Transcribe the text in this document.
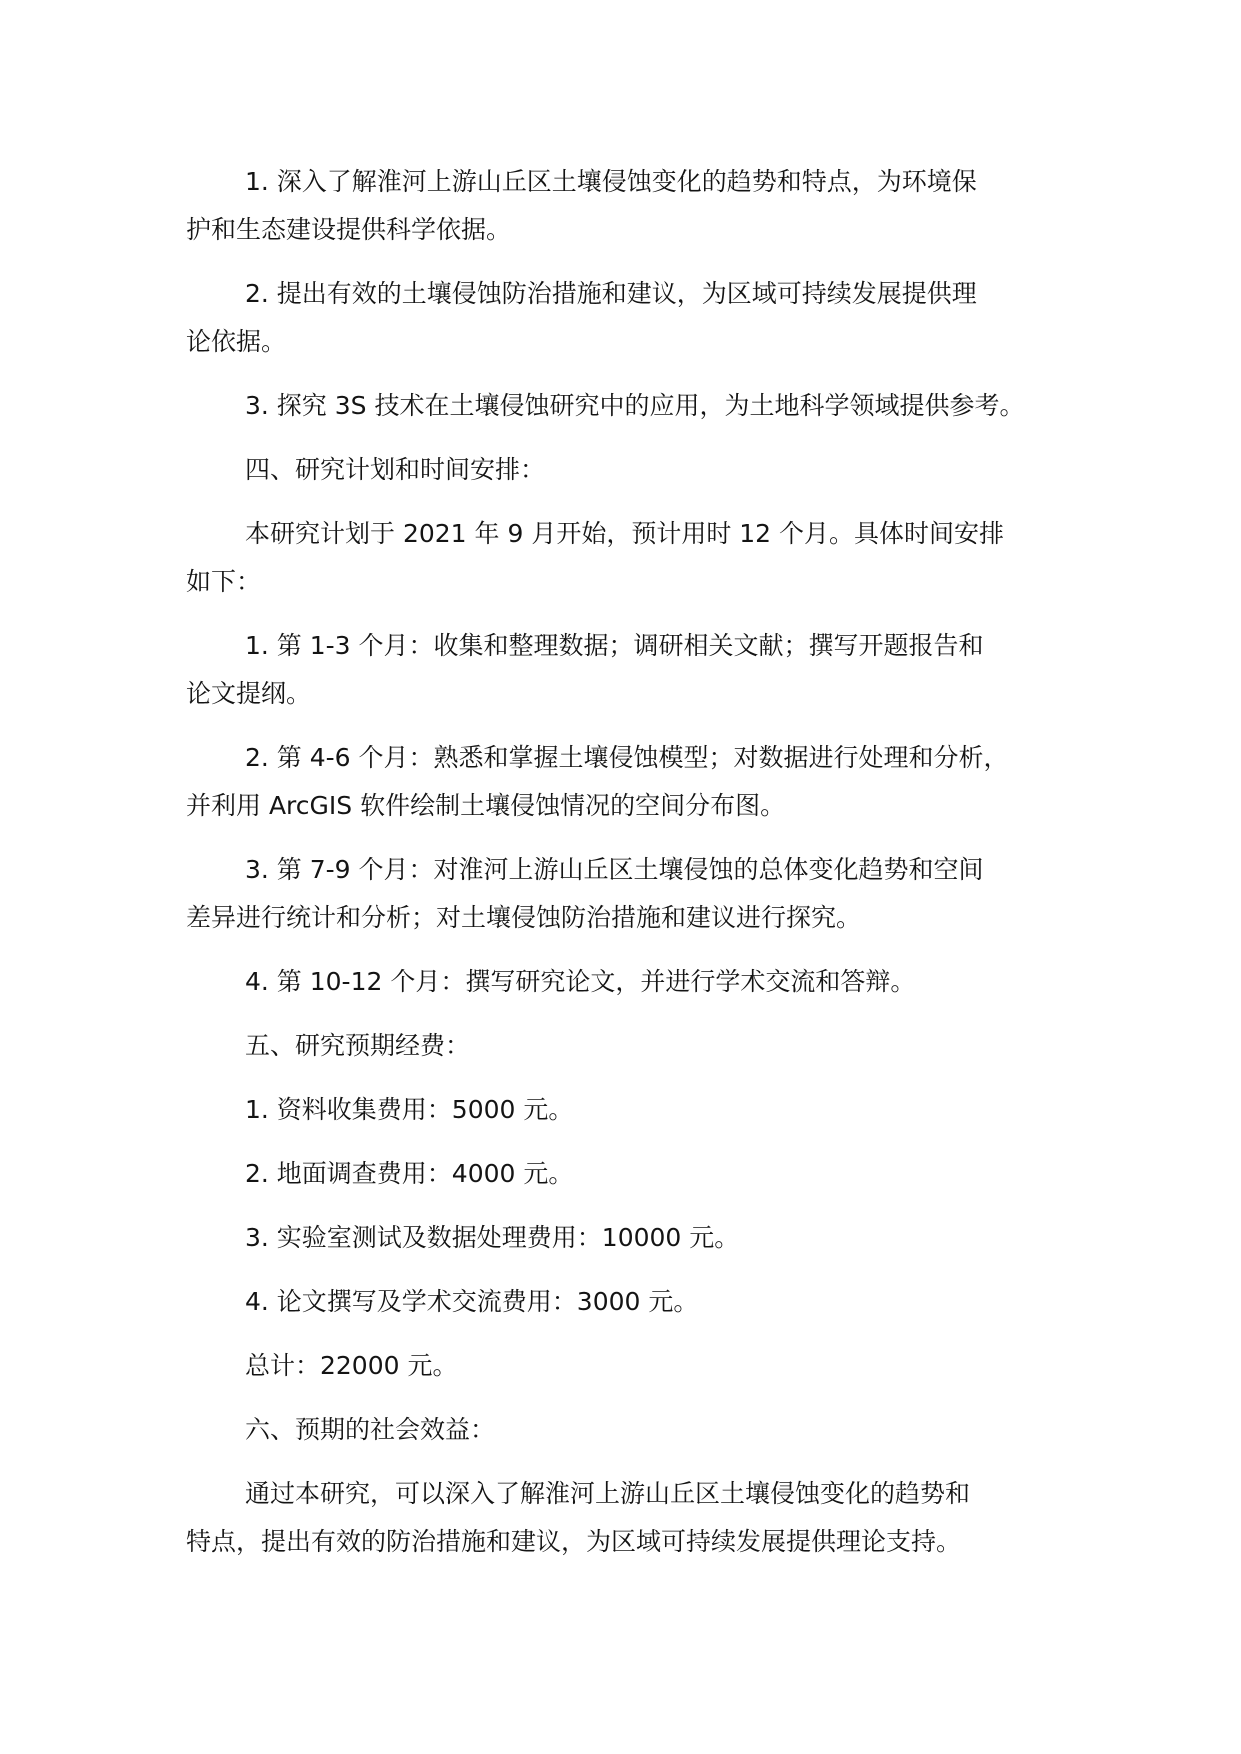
1. 深入了解淮河上游山丘区土壤侵蚀变化的趋势和特点，为环境保
护和生态建设提供科学依据。
2. 提出有效的土壤侵蚀防治措施和建议，为区域可持续发展提供理
论依据。
3. 探究 3S 技术在土壤侵蚀研究中的应用，为土地科学领域提供参考。
四、研究计划和时间安排：
本研究计划于 2021 年 9 月开始，预计用时 12 个月。具体时间安排
如下：
1. 第 1-3 个月：收集和整理数据；调研相关文献；撰写开题报告和
论文提纲。
2. 第 4-6 个月：熟悉和掌握土壤侵蚀模型；对数据进行处理和分析，
并利用 ArcGIS 软件绘制土壤侵蚀情况的空间分布图。
3. 第 7-9 个月：对淮河上游山丘区土壤侵蚀的总体变化趋势和空间
差异进行统计和分析；对土壤侵蚀防治措施和建议进行探究。
4. 第 10-12 个月：撰写研究论文，并进行学术交流和答辩。
五、研究预期经费：
1. 资料收集费用：5000 元。
2. 地面调查费用：4000 元。
3. 实验室测试及数据处理费用：10000 元。
4. 论文撰写及学术交流费用：3000 元。
总计：22000 元。
六、预期的社会效益：
通过本研究，可以深入了解淮河上游山丘区土壤侵蚀变化的趋势和
特点，提出有效的防治措施和建议，为区域可持续发展提供理论支持。
